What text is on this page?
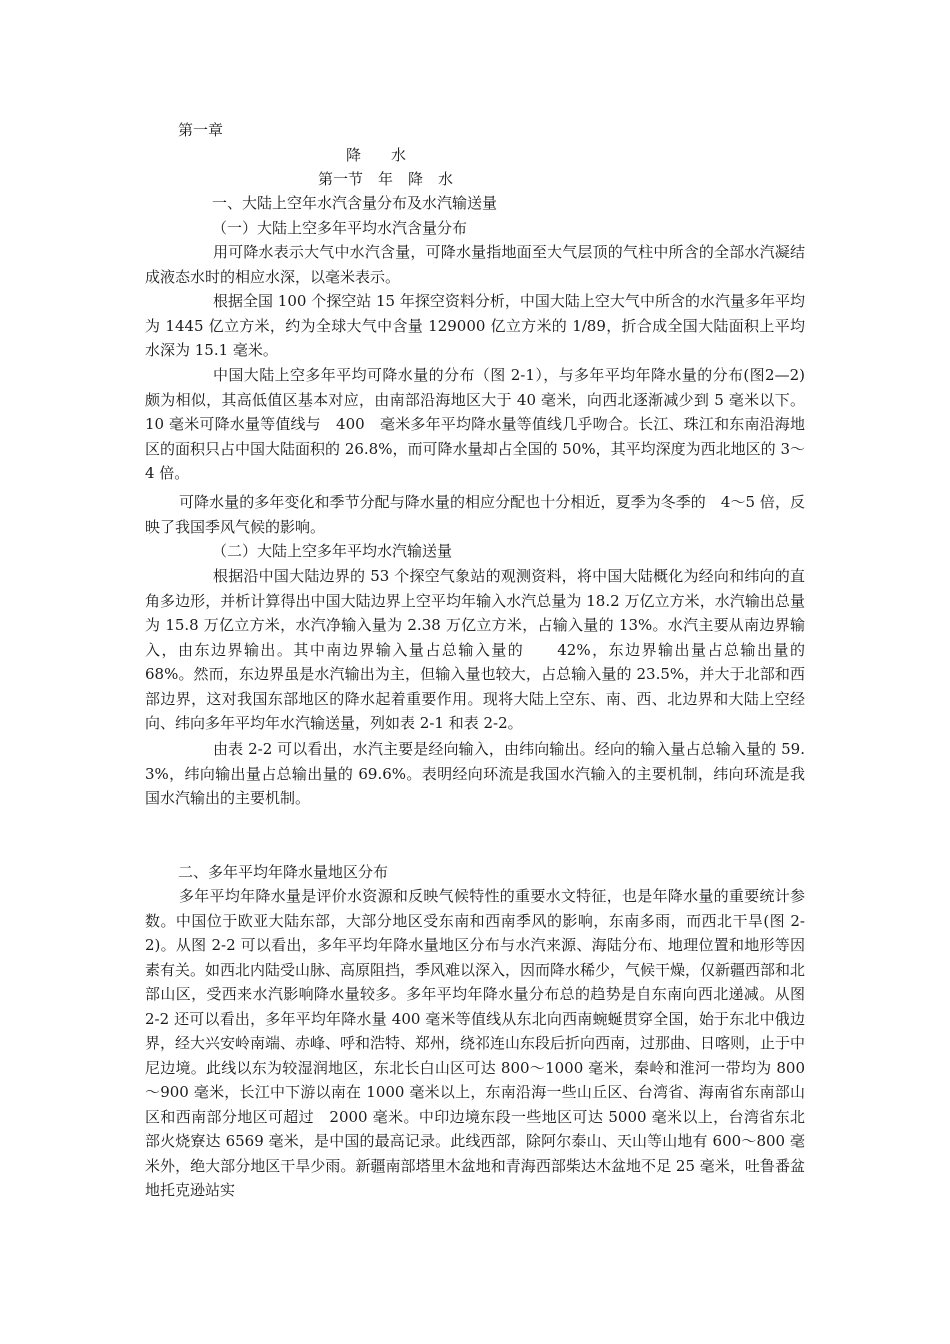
第一章
降　　水
第一节　年　降　水
一、大陆上空年水汽含量分布及水汽输送量
（一）大陆上空多年平均水汽含量分布

用可降水表示大气中水汽含量，可降水量指地面至大气层顶的气柱中所含的全部水汽凝结成液态水时的相应水深，以毫米表示。

根据全国 100 个探空站 15 年探空资料分析，中国大陆上空大气中所含的水汽量多年平均为 1445 亿立方米，约为全球大气中含量 129000 亿立方米的 1/89，折合成全国大陆面积上平均水深为 15.1 毫米。

中国大陆上空多年平均可降水量的分布（图 2-1），与多年平均年降水量的分布(图2—2)颇为相似，其高低值区基本对应，由南部沿海地区大于 40 毫米，向西北逐渐减少到 5 毫米以下。10 毫米可降水量等值线与　400　毫米多年平均降水量等值线几乎吻合。长江、珠江和东南沿海地区的面积只占中国大陆面积的 26.8%，而可降水量却占全国的 50%，其平均深度为西北地区的 3～4 倍。

可降水量的多年变化和季节分配与降水量的相应分配也十分相近，夏季为冬季的　4～5 倍，反映了我国季风气候的影响。

（二）大陆上空多年平均水汽输送量

根据沿中国大陆边界的 53 个探空气象站的观测资料，将中国大陆概化为经向和纬向的直角多边形，并析计算得出中国大陆边界上空平均年输入水汽总量为 18.2 万亿立方米，水汽输出总量为 15.8 万亿立方米，水汽净输入量为 2.38 万亿立方米，占输入量的 13%。水汽主要从南边界输入，由东边界输出。其中南边界输入量占总输入量的　　42%，东边界输出量占总输出量的　68%。然而，东边界虽是水汽输出为主，但输入量也较大，占总输入量的 23.5%，并大于北部和西部边界，这对我国东部地区的降水起着重要作用。现将大陆上空东、南、西、北边界和大陆上空经向、纬向多年平均年水汽输送量，列如表 2-1 和表 2-2。

由表 2-2 可以看出，水汽主要是经向输入，由纬向输出。经向的输入量占总输入量的 59. 3%，纬向输出量占总输出量的 69.6%。表明经向环流是我国水汽输入的主要机制，纬向环流是我国水汽输出的主要机制。

二、多年平均年降水量地区分布

多年平均年降水量是评价水资源和反映气候特性的重要水文特征，也是年降水量的重要统计参数。中国位于欧亚大陆东部，大部分地区受东南和西南季风的影响，东南多雨，而西北干旱(图 2-2)。从图 2-2 可以看出，多年平均年降水量地区分布与水汽来源、海陆分布、地理位置和地形等因素有关。如西北内陆受山脉、高原阻挡，季风难以深入，因而降水稀少，气候干燥，仅新疆西部和北部山区，受西来水汽影响降水量较多。多年平均年降水量分布总的趋势是自东南向西北递减。从图 2-2 还可以看出，多年平均年降水量 400 毫米等值线从东北向西南蜿蜒贯穿全国，始于东北中俄边界，经大兴安岭南端、赤峰、呼和浩特、郑州，绕祁连山东段后折向西南，过那曲、日喀则，止于中尼边境。此线以东为较湿润地区，东北长白山区可达 800～1000 毫米，秦岭和淮河一带均为 800～900 毫米，长江中下游以南在 1000 毫米以上，东南沿海一些山丘区、台湾省、海南省东南部山区和西南部分地区可超过　2000 毫米。中印边境东段一些地区可达 5000 毫米以上，台湾省东北部火烧寮达 6569 毫米，是中国的最高记录。此线西部，除阿尔泰山、天山等山地有 600～800 毫米外，绝大部分地区干旱少雨。新疆南部塔里木盆地和青海西部柴达木盆地不足 25 毫米，吐鲁番盆地托克逊站实
